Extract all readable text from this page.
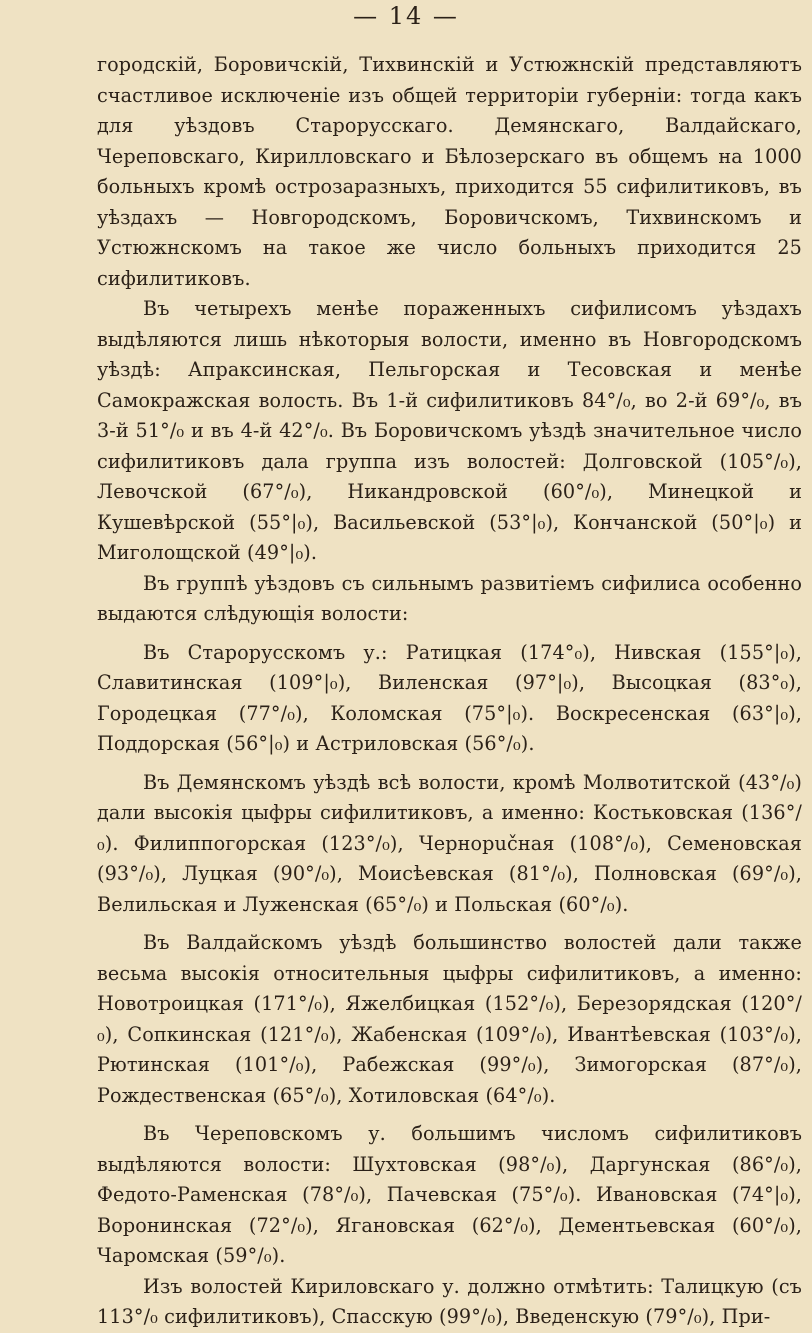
— 14 —

городскій, Боровичскій, Тихвинскій и Устюжнскій представляютъ счастливое исключеніе изъ общей территоріи губерніи: тогда какъ для уѣздовъ Старорусскаго. Демянскаго, Валдайскаго, Череповскаго, Кирилловскаго и Бѣлозерскаго въ общемъ на 1000 больныхъ кромѣ острозаразныхъ, приходится 55 сифилитиковъ, въ уѣздахъ — Новгородскомъ, Боровичскомъ, Тихвинскомъ и Устюжнскомъ на такое же число больныхъ приходится 25 сифилитиковъ.

Въ четырехъ менѣе пораженныхъ сифилисомъ уѣздахъ выдѣляются лишь нѣкоторыя волости, именно въ Новгородскомъ уѣздѣ: Апраксинская, Пельгорская и Тесовская и менѣе Самокражская волость. Въ 1-й сифилитиковъ 84°/₀, во 2-й 69°/₀, въ 3-й 51°/₀ и въ 4-й 42°/₀. Въ Боровичскомъ уѣздѣ значительное число сифилитиковъ дала группа изъ волостей: Долговской (105°/₀), Левочской (67°/₀), Никандровской (60°/₀), Минецкой и Кушевѣрской (55°|₀), Васильевской (53°|₀), Кончанской (50°|₀) и Миголощской (49°|₀).

Въ группѣ уѣздовъ съ сильнымъ развитіемъ сифилиса особенно выдаются слѣдующія волости:

Въ Старорусскомъ у.: Ратицкая (174°₀), Нивская (155°|₀), Славитинская (109°|₀), Виленская (97°|₀), Высоцкая (83°₀), Городецкая (77°/₀), Коломская (75°|₀). Воскресенская (63°|₀), Поддорская (56°|₀) и Астриловская (56°/₀).

Въ Демянскомъ уѣздѣ всѣ волости, кромѣ Молвотитской (43°/₀) дали высокія цыфры сифилитиковъ, а именно: Костьковская (136°/₀). Филиппогорская (123°/₀), Чернорučная (108°/₀), Семеновская (93°/₀), Луцкая (90°/₀), Моисѣевская (81°/₀), Полновская (69°/₀), Велильская и Луженская (65°/₀) и Польская (60°/₀).

Въ Валдайскомъ уѣздѣ большинство волостей дали также весьма высокія относительныя цыфры сифилитиковъ, а именно: Новотроицкая (171°/₀), Яжелбицкая (152°/₀), Березорядская (120°/₀), Сопкинская (121°/₀), Жабенская (109°/₀), Ивантѣевская (103°/₀), Рютинская (101°/₀), Рабежская (99°/₀), Зимогорская (87°/₀), Рождественская (65°/₀), Хотиловская (64°/₀).

Въ Череповскомъ у. большимъ числомъ сифилитиковъ выдѣляются волости: Шухтовская (98°/₀), Даргунская (86°/₀), Федото-Раменская (78°/₀), Пачевская (75°/₀). Ивановская (74°|₀), Воронинская (72°/₀), Ягановская (62°/₀), Дементьевская (60°/₀), Чаромская (59°/₀).

Изъ волостей Кириловскаго у. должно отмѣтить: Талицкую (съ 113°/₀ сифилитиковъ), Спасскую (99°/₀), Введенскую (79°/₀), При-
